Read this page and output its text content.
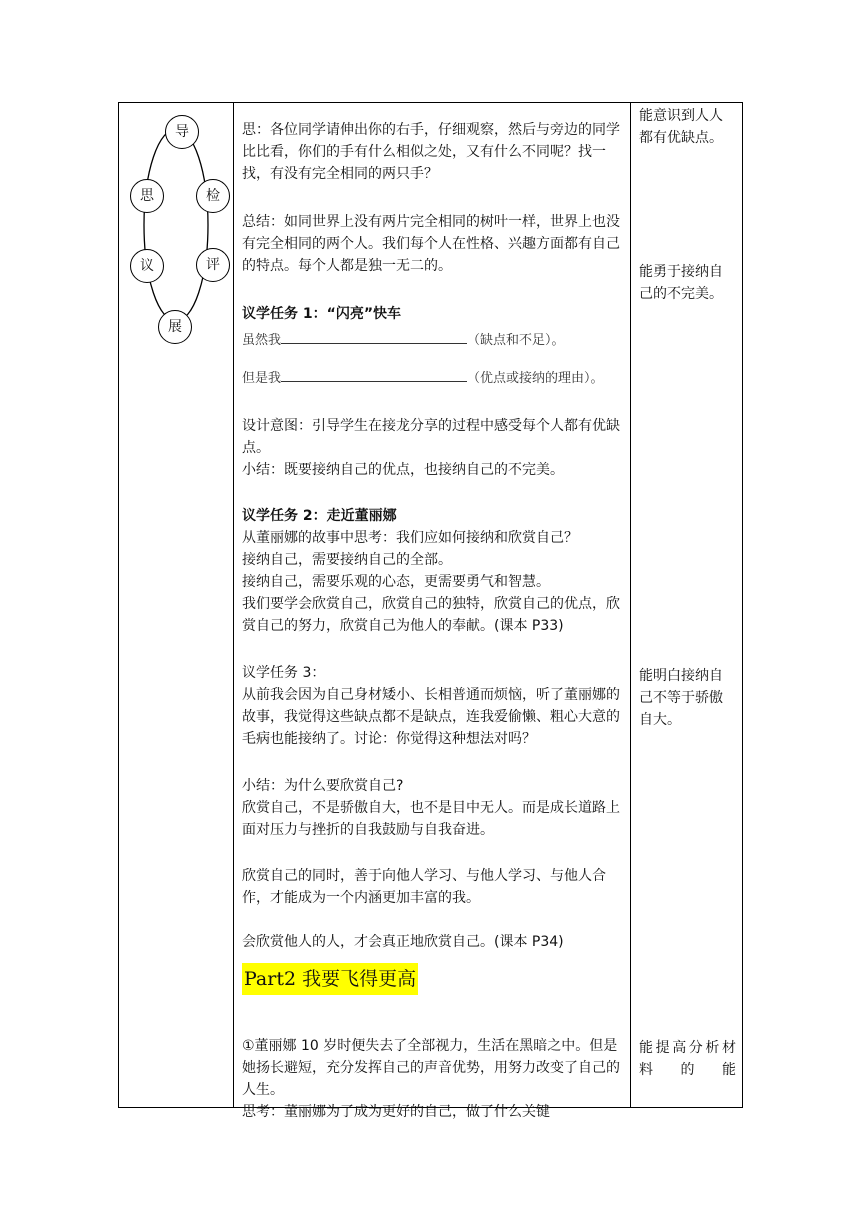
导
检
评
展
议
思

思：各位同学请伸出你的右手，仔细观察，然后与旁边的同学比比看，你们的手有什么相似之处，又有什么不同呢？找一找，有没有完全相同的两只手？

总结：如同世界上没有两片完全相同的树叶一样，世界上也没有完全相同的两个人。我们每个人在性格、兴趣方面都有自己的特点。每个人都是独一无二的。

议学任务 1：“闪亮”快车

虽然我	（缺点和不足）。
但是我	（优点或接纳的理由）。

设计意图：引导学生在接龙分享的过程中感受每个人都有优缺点。

小结：既要接纳自己的优点，也接纳自己的不完美。

议学任务 2：走近董丽娜

从董丽娜的故事中思考：我们应如何接纳和欣赏自己？

接纳自己，需要接纳自己的全部。

接纳自己，需要乐观的心态，更需要勇气和智慧。

我们要学会欣赏自己，欣赏自己的独特，欣赏自己的优点，欣赏自己的努力，欣赏自己为他人的奉献。(课本 P33)

议学任务 3：

从前我会因为自己身材矮小、长相普通而烦恼，听了董丽娜的故事，我觉得这些缺点都不是缺点，连我爱偷懒、粗心大意的毛病也能接纳了。讨论：你觉得这种想法对吗？

小结：为什么要欣赏自己?

欣赏自己，不是骄傲自大，也不是目中无人。而是成长道路上面对压力与挫折的自我鼓励与自我奋进。

欣赏自己的同时，善于向他人学习、与他人学习、与他人合作，才能成为一个内涵更加丰富的我。

会欣赏他人的人，才会真正地欣赏自己。(课本 P34)

Part2 我要飞得更高

①董丽娜 10 岁时便失去了全部视力，生活在黑暗之中。但是她扬长避短，充分发挥自己的声音优势，用努力改变了自己的人生。

思考：董丽娜为了成为更好的自己，做了什么关键

能意识到人人都有优缺点。
能勇于接纳自己的不完美。
能明白接纳自己不等于骄傲自大。
能提高分析材料的能
